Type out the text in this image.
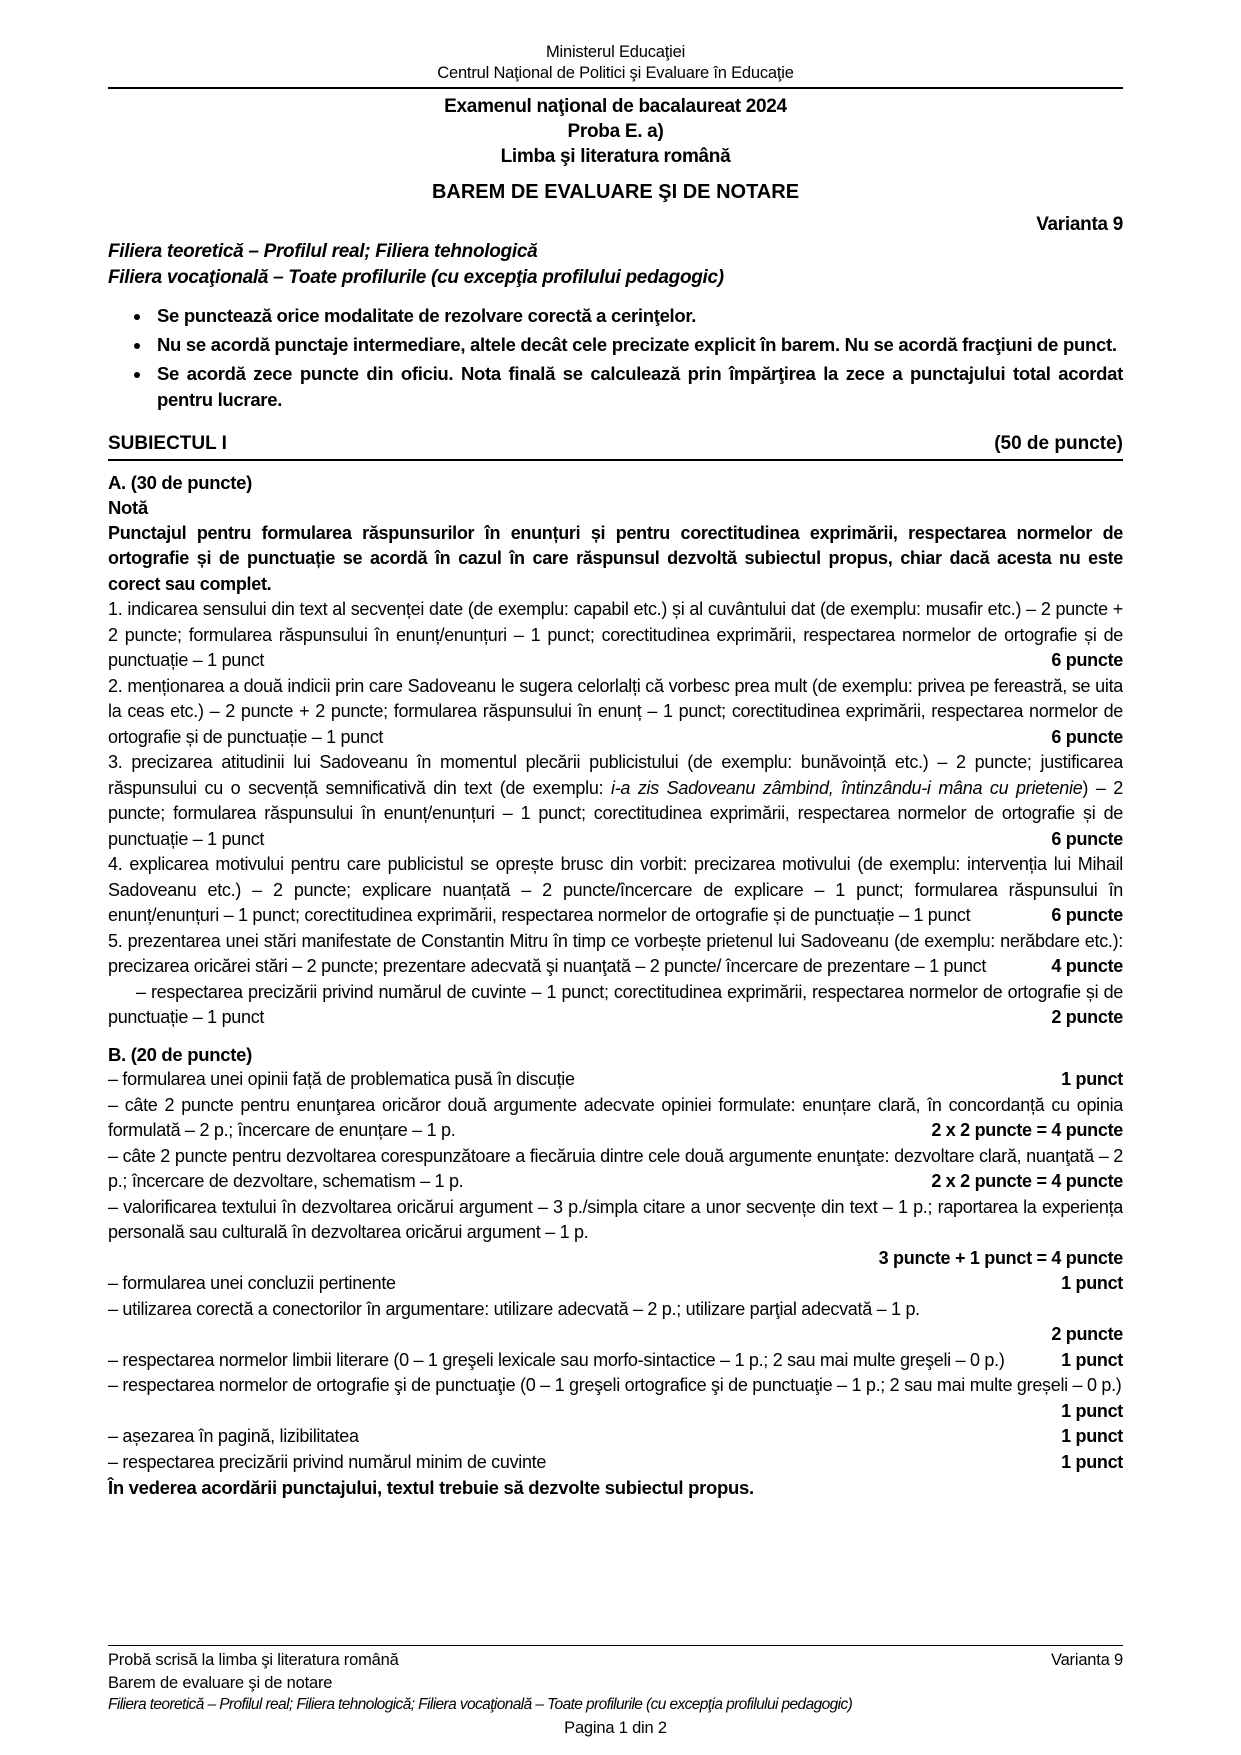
Ministerul Educaţiei
Centrul Naţional de Politici şi Evaluare în Educaţie
Examenul naţional de bacalaureat 2024
Proba E. a)
Limba şi literatura română
BAREM DE EVALUARE ŞI DE NOTARE
Varianta 9
Filiera teoretică – Profilul real; Filiera tehnologică
Filiera vocaţională – Toate profilurile (cu excepţia profilului pedagogic)
• Se punctează orice modalitate de rezolvare corectă a cerinţelor.
• Nu se acordă punctaje intermediare, altele decât cele precizate explicit în barem. Nu se acordă fracţiuni de punct.
• Se acordă zece puncte din oficiu. Nota finală se calculează prin împărţirea la zece a punctajului total acordat pentru lucrare.
SUBIECTUL I	(50 de puncte)
A. (30 de puncte)
Notă

Punctajul pentru formularea răspunsurilor în enunțuri și pentru corectitudinea exprimării, respectarea normelor de ortografie și de punctuație se acordă în cazul în care răspunsul dezvoltă subiectul propus, chiar dacă acesta nu este corect sau complet.

1. indicarea sensului din text al secvenței date (de exemplu: capabil etc.) și al cuvântului dat (de exemplu: musafir etc.) – 2 puncte + 2 puncte; formularea răspunsului în enunț/enunțuri – 1 punct; corectitudinea exprimării, respectarea normelor de ortografie și de punctuație – 1 punct	6 puncte

2. menționarea a două indicii prin care Sadoveanu le sugera celorlalți că vorbesc prea mult (de exemplu: privea pe fereastră, se uita la ceas etc.) – 2 puncte + 2 puncte; formularea răspunsului în enunț – 1 punct; corectitudinea exprimării, respectarea normelor de ortografie și de punctuație – 1 punct	6 puncte

3. precizarea atitudinii lui Sadoveanu în momentul plecării publicistului (de exemplu: bunăvoință etc.) – 2 puncte; justificarea răspunsului cu o secvență semnificativă din text (de exemplu: i-a zis Sadoveanu zâmbind, întinzându-i mâna cu prietenie) – 2 puncte; formularea răspunsului în enunț/enunțuri – 1 punct; corectitudinea exprimării, respectarea normelor de ortografie și de punctuație – 1 punct	6 puncte

4. explicarea motivului pentru care publicistul se oprește brusc din vorbit: precizarea motivului (de exemplu: intervenția lui Mihail Sadoveanu etc.) – 2 puncte; explicare nuanțată – 2 puncte/încercare de explicare – 1 punct; formularea răspunsului în enunț/enunțuri – 1 punct; corectitudinea exprimării, respectarea normelor de ortografie și de punctuație – 1 punct	6 puncte

5. prezentarea unei stări manifestate de Constantin Mitru în timp ce vorbește prietenul lui Sadoveanu (de exemplu: nerăbdare etc.): precizarea oricărei stări – 2 puncte; prezentare adecvată şi nuanţată – 2 puncte/ încercare de prezentare – 1 punct	4 puncte

– respectarea precizării privind numărul de cuvinte – 1 punct; corectitudinea exprimării, respectarea normelor de ortografie și de punctuație – 1 punct	2 puncte

B. (20 de puncte)

– formularea unei opinii față de problematica pusă în discuție	1 punct

– câte 2 puncte pentru enunţarea oricăror două argumente adecvate opiniei formulate: enunțare clară, în concordanță cu opinia formulată – 2 p.; încercare de enunțare – 1 p.	2 x 2 puncte = 4 puncte

– câte 2 puncte pentru dezvoltarea corespunzătoare a fiecăruia dintre cele două argumente enunţate: dezvoltare clară, nuanţată – 2 p.; încercare de dezvoltare, schematism – 1 p.	2 x 2 puncte = 4 puncte

– valorificarea textului în dezvoltarea oricărui argument – 3 p./simpla citare a unor secvențe din text – 1 p.; raportarea la experiența personală sau culturală în dezvoltarea oricărui argument – 1 p.

3 puncte + 1 punct = 4 puncte

– formularea unei concluzii pertinente	1 punct

– utilizarea corectă a conectorilor în argumentare: utilizare adecvată – 2 p.; utilizare parţial adecvată – 1 p.

2 puncte

– respectarea normelor limbii literare (0 – 1 greşeli lexicale sau morfo-sintactice – 1 p.; 2 sau mai multe greşeli – 0 p.)	1 punct

– respectarea normelor de ortografie şi de punctuaţie (0 – 1 greşeli ortografice şi de punctuaţie – 1 p.; 2 sau mai multe greșeli – 0 p.)
1 punct

– așezarea în pagină, lizibilitatea	1 punct

– respectarea precizării privind numărul minim de cuvinte	1 punct

În vederea acordării punctajului, textul trebuie să dezvolte subiectul propus.
Probă scrisă la limba şi literatura română	Varianta 9
Barem de evaluare şi de notare
Filiera teoretică – Profilul real; Filiera tehnologică; Filiera vocaţională – Toate profilurile (cu excepţia profilului pedagogic)
Pagina 1 din 2
